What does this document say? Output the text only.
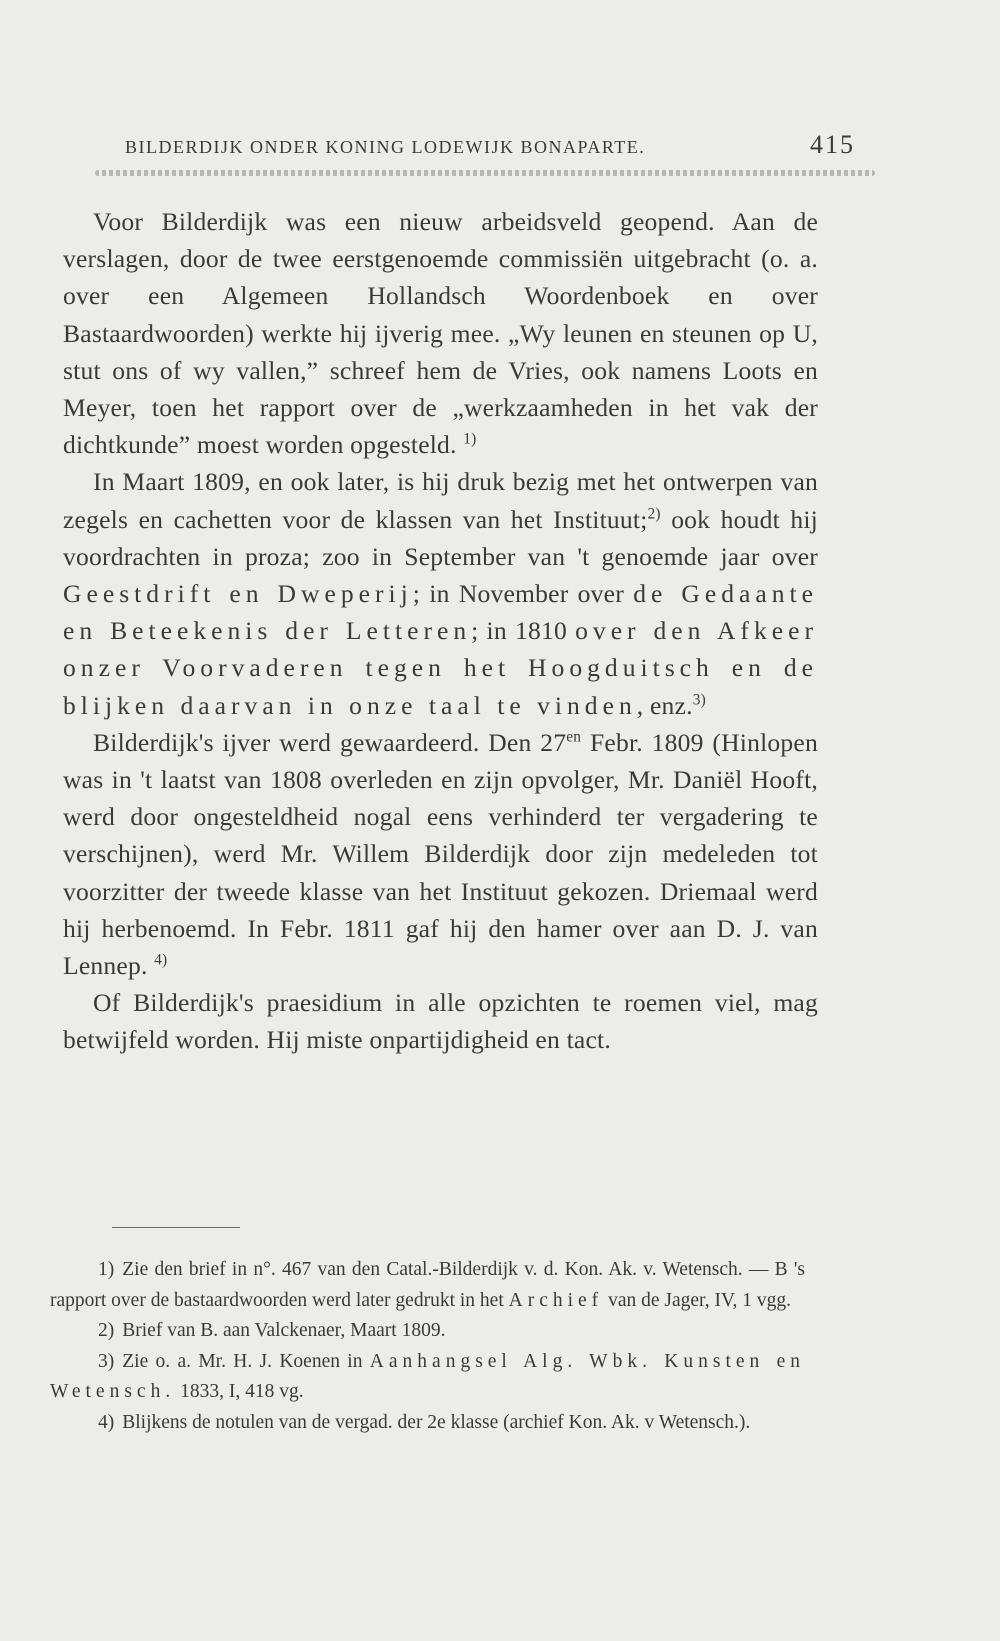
BILDERDIJK ONDER KONING LODEWIJK BONAPARTE.	415

Voor Bilderdijk was een nieuw arbeidsveld geopend. Aan de verslagen, door de twee eerstgenoemde commissiën uitgebracht (o. a. over een Algemeen Hollandsch Woordenboek en over Bastaardwoorden) werkte hij ijverig mee. „Wy leunen en steunen op U, stut ons of wy vallen,” schreef hem de Vries, ook namens Loots en Meyer, toen het rapport over de „werkzaamheden in het vak der dichtkunde” moest worden opgesteld. $^{1)}$

In Maart 1809, en ook later, is hij druk bezig met het ontwerpen van zegels en cachetten voor de klassen van het Instituut;$^{2)}$ ook houdt hij voordrachten in proza; zoo in September van 't genoemde jaar over Geestdrift en Dweperij; in November over de Gedaante en Beteekenis der Letteren; in 1810 over den Afkeer onzer Voorvaderen tegen het Hoogduitsch en de blijken daarvan in onze taal te vinden, enz.$^{3)}$

Bilderdijk's ijver werd gewaardeerd. Den $27^{en}$ Febr. 1809 (Hinlopen was in 't laatst van 1808 overleden en zijn opvolger, Mr. Daniël Hooft, werd door ongesteldheid nogal eens verhinderd ter vergadering te verschijnen), werd Mr. Willem Bilderdijk door zijn medeleden tot voorzitter der tweede klasse van het Instituut gekozen. Driemaal werd hij herbenoemd. In Febr. 1811 gaf hij den hamer over aan D. J. van Lennep. $^{4)}$

Of Bilderdijk's praesidium in alle opzichten te roemen viel, mag betwijfeld worden. Hij miste onpartijdigheid en tact.

1) Zie den brief in n°. 467 van den Catal.-Bilderdijk v. d. Kon. Ak. v. Wetensch. — B 's rapport over de bastaardwoorden werd later gedrukt in het Archief van de Jager, IV, 1 vgg.

2) Brief van B. aan Valckenaer, Maart 1809.

3) Zie o. a. Mr. H. J. Koenen in Aanhangsel Alg. Wbk. Kunsten en Wetensch. 1833, I, 418 vg.

4) Blijkens de notulen van de vergad. der 2e klasse (archief Kon. Ak. v Wetensch.).
